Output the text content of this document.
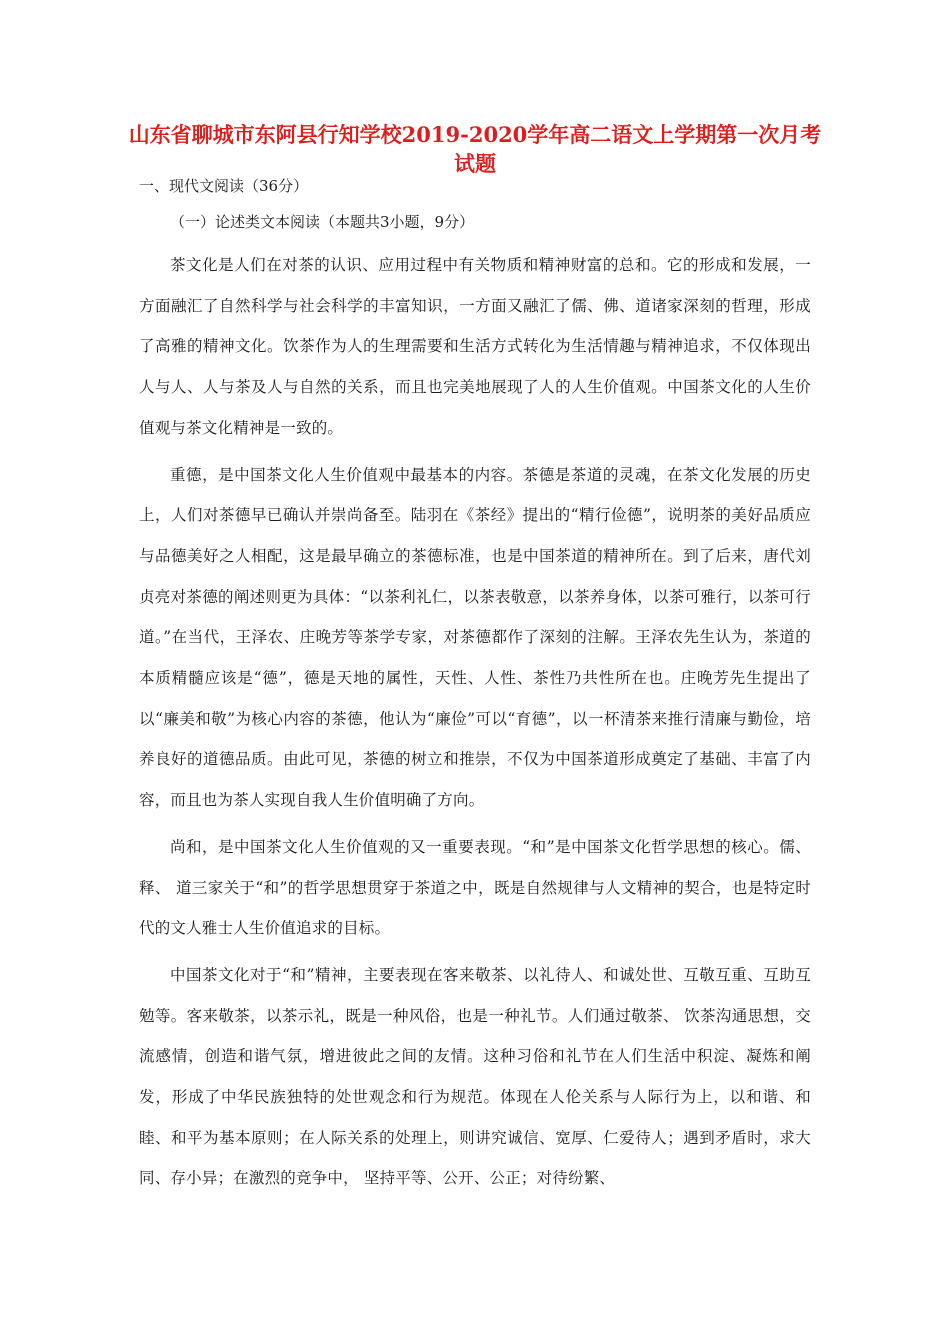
山东省聊城市东阿县行知学校2019-2020学年高二语文上学期第一次月考试题

一、现代文阅读（36分）

（一）论述类文本阅读（本题共3小题，9分）

茶文化是人们在对茶的认识、应用过程中有关物质和精神财富的总和。它的形成和发展，一方面融汇了自然科学与社会科学的丰富知识，一方面又融汇了儒、佛、道诸家深刻的哲理，形成了高雅的精神文化。饮茶作为人的生理需要和生活方式转化为生活情趣与精神追求，不仅体现出人与人、人与茶及人与自然的关系，而且也完美地展现了人的人生价值观。中国茶文化的人生价值观与茶文化精神是一致的。

重德，是中国茶文化人生价值观中最基本的内容。茶德是茶道的灵魂，在茶文化发展的历史上，人们对茶德早已确认并崇尚备至。陆羽在《茶经》提出的“精行俭德”，说明茶的美好品质应与品德美好之人相配，这是最早确立的茶德标准，也是中国茶道的精神所在。到了后来，唐代刘贞亮对茶德的阐述则更为具体：“以茶利礼仁，以茶表敬意，以茶养身体，以茶可雅行，以茶可行道。”在当代，王泽农、庄晚芳等茶学专家，对茶德都作了深刻的注解。王泽农先生认为，茶道的本质精髓应该是“德”，德是天地的属性，天性、人性、茶性乃共性所在也。庄晚芳先生提出了以“廉美和敬”为核心内容的茶德，他认为“廉俭”可以“育德”，以一杯清茶来推行清廉与勤俭，培养良好的道德品质。由此可见，茶德的树立和推崇，不仅为中国茶道形成奠定了基础、丰富了内容，而且也为茶人实现自我人生价值明确了方向。

尚和，是中国茶文化人生价值观的又一重要表现。“和”是中国茶文化哲学思想的核心。儒、释、 道三家关于“和”的哲学思想贯穿于茶道之中，既是自然规律与人文精神的契合，也是特定时代的文人雅士人生价值追求的目标。

中国茶文化对于“和”精神，主要表现在客来敬茶、以礼待人、和诚处世、互敬互重、互助互勉等。客来敬茶，以茶示礼，既是一种风俗，也是一种礼节。人们通过敬茶、 饮茶沟通思想，交流感情，创造和谐气氛，增进彼此之间的友情。这种习俗和礼节在人们生活中积淀、凝炼和阐发，形成了中华民族独特的处世观念和行为规范。体现在人伦关系与人际行为上，以和谐、和睦、和平为基本原则；在人际关系的处理上，则讲究诚信、宽厚、仁爱待人；遇到矛盾时，求大同、存小异；在激烈的竞争中， 坚持平等、公开、公正；对待纷繁、
